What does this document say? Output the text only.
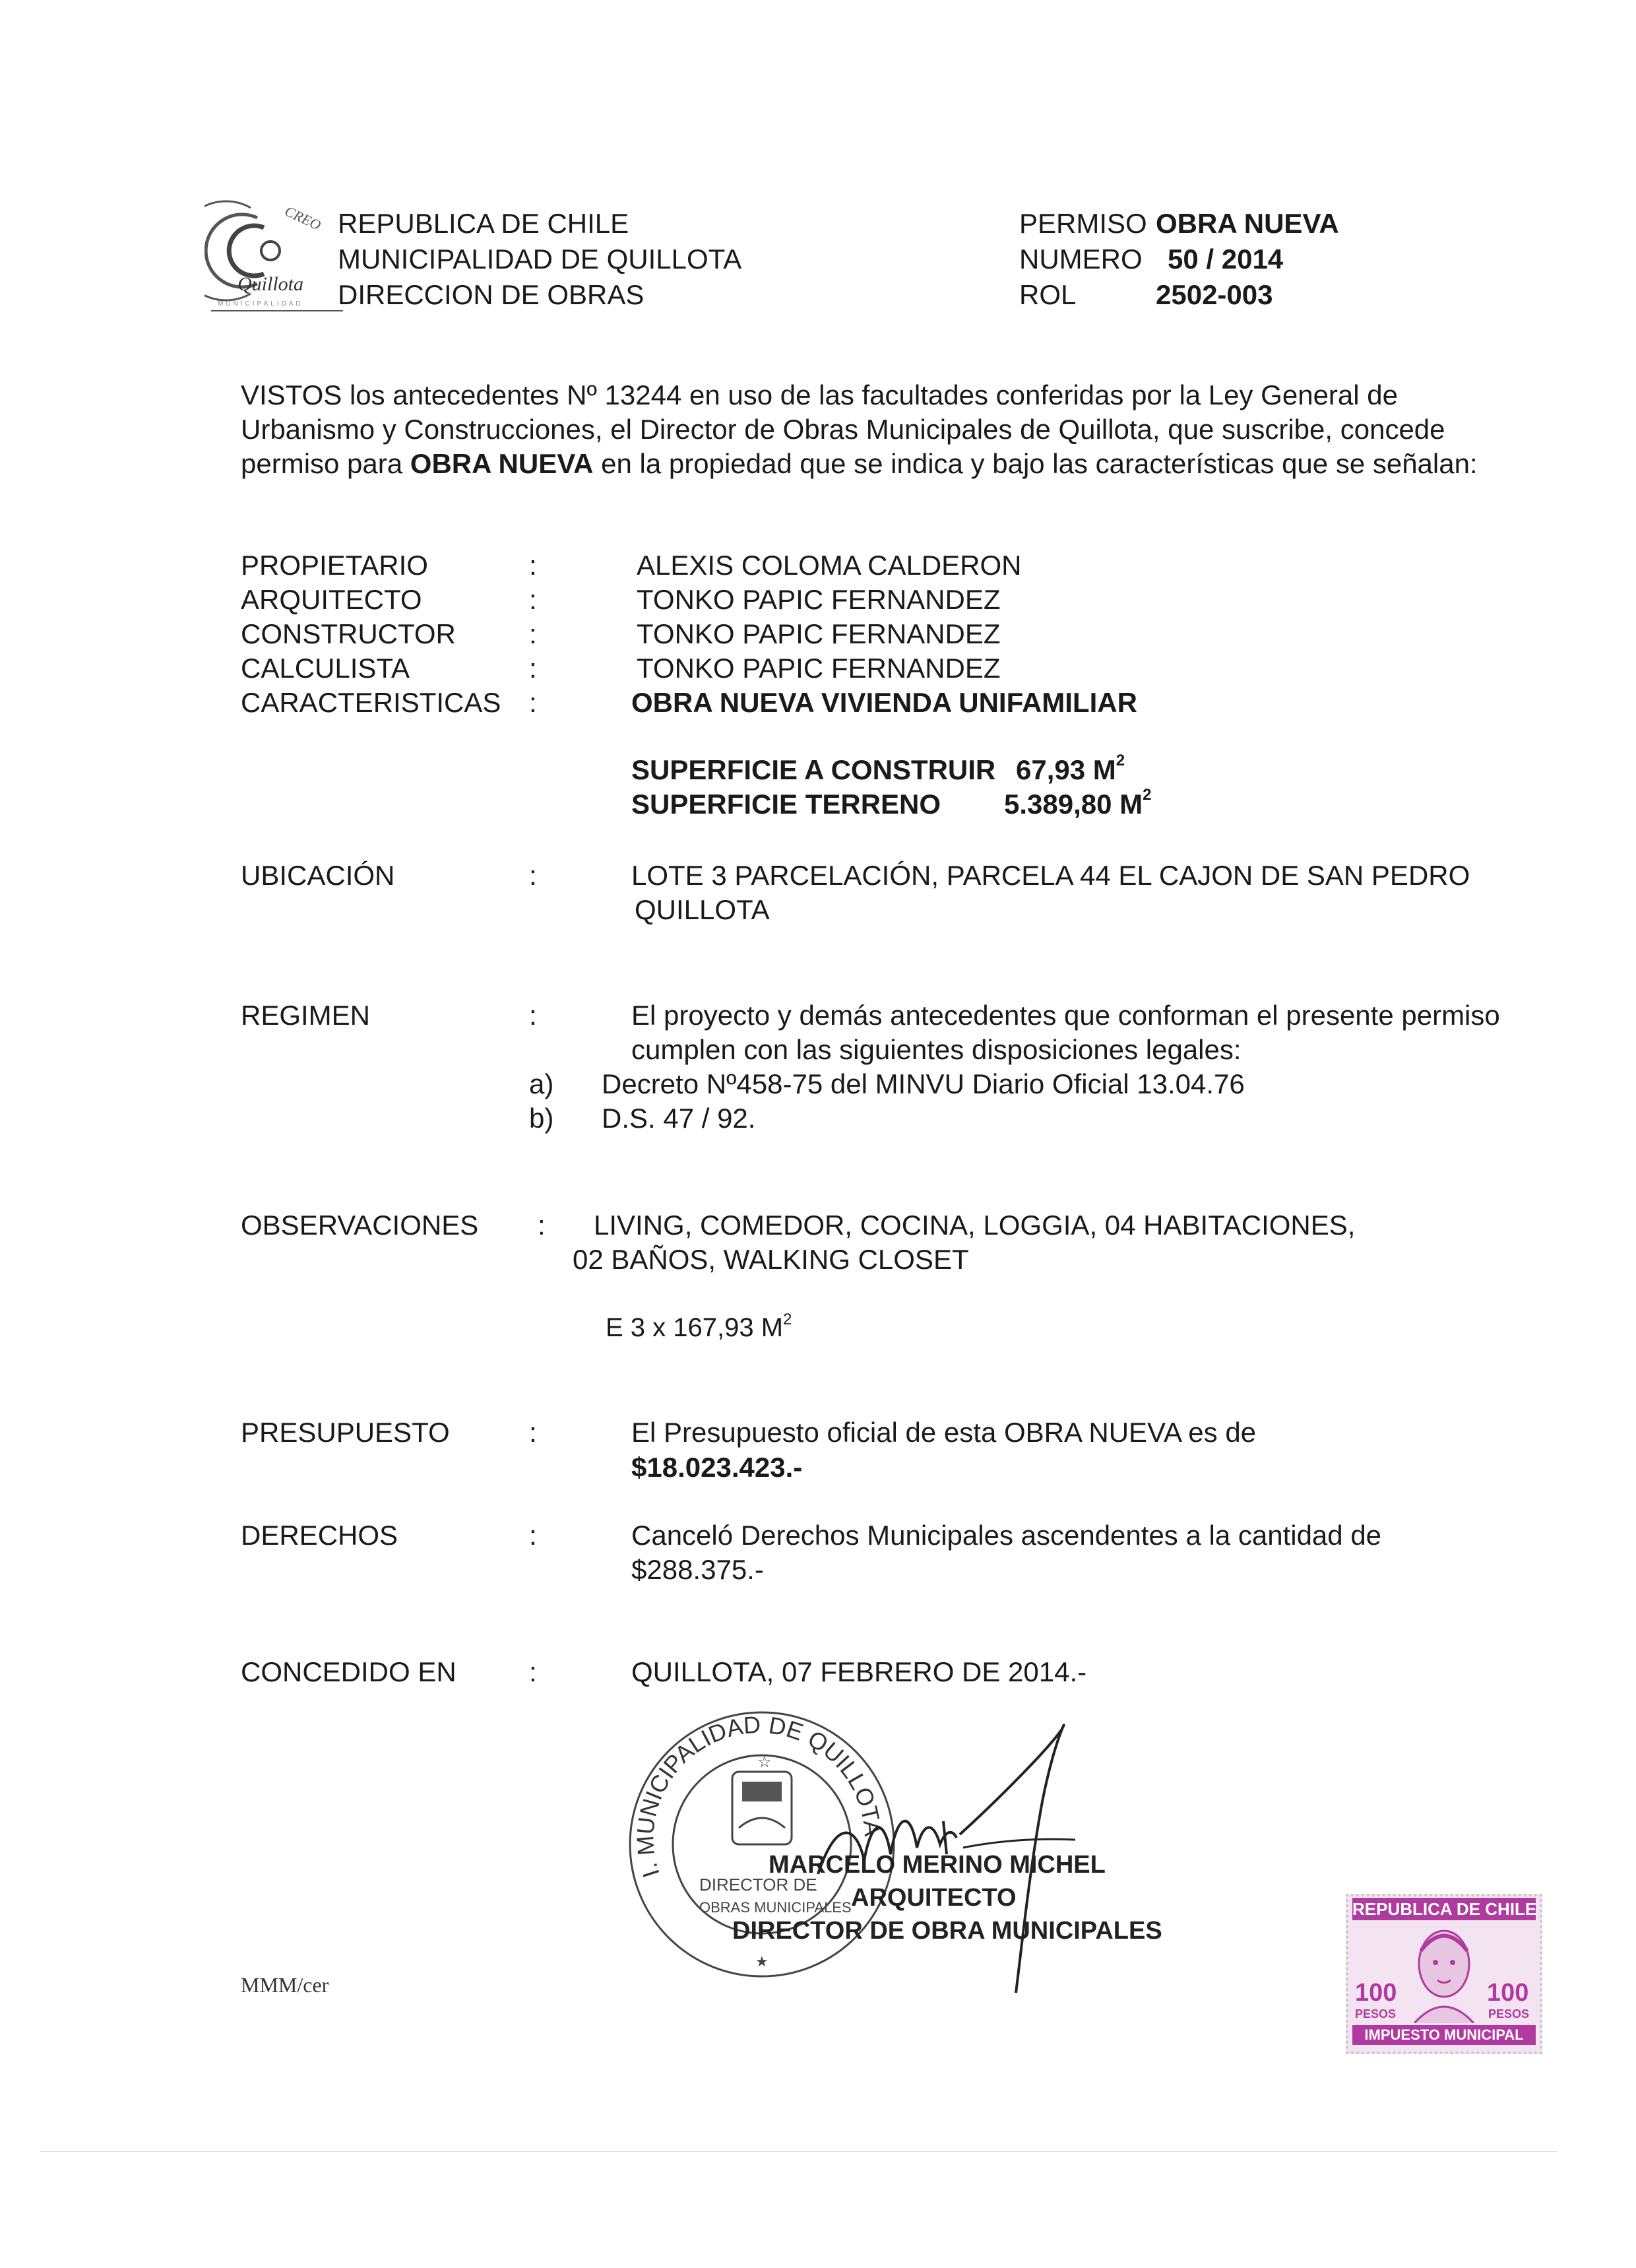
CREO
Quillota
MUNICIPALIDAD
REPUBLICA DE CHILE
MUNICIPALIDAD DE QUILLOTA
DIRECCION DE OBRAS
PERMISO OBRA NUEVA
NUMERO 50 / 2014
ROL	2502-003
VISTOS los antecedentes Nº 13244 en uso de las facultades conferidas por la Ley General de
Urbanismo y Construcciones, el Director de Obras Municipales de Quillota, que suscribe, concede
permiso para OBRA NUEVA en la propiedad que se indica y bajo las características que se señalan:
PROPIETARIO	:	ALEXIS COLOMA CALDERON
ARQUITECTO	:	TONKO PAPIC FERNANDEZ
CONSTRUCTOR	:	TONKO PAPIC FERNANDEZ
CALCULISTA	:	TONKO PAPIC FERNANDEZ
CARACTERISTICAS :	OBRA NUEVA VIVIENDA UNIFAMILIAR
SUPERFICIE A CONSTRUIR 67,93 $M^2$
SUPERFICIE TERRENO 5.389,80 $M^2$
UBICACIÓN	:	LOTE 3 PARCELACIÓN, PARCELA 44 EL CAJON DE SAN PEDRO
QUILLOTA
REGIMEN	:	El proyecto y demás antecedentes que conforman el presente permiso
cumplen con las siguientes disposiciones legales:
a) Decreto Nº458-75 del MINVU Diario Oficial 13.04.76
b) D.S. 47 / 92.
OBSERVACIONES : LIVING, COMEDOR, COCINA, LOGGIA, 04 HABITACIONES,
02 BAÑOS, WALKING CLOSET
E 3 x 167,93 $M^2$
PRESUPUESTO	:	El Presupuesto oficial de esta OBRA NUEVA es de
$18.023.423.-
DERECHOS	:	Canceló Derechos Municipales ascendentes a la cantidad de
$288.375.-
CONCEDIDO EN	:	QUILLOTA, 07 FEBRERO DE 2014.-
I. MUNICIPALIDAD DE QUILLOTA
☆
★
DIRECTOR DE
OBRAS MUNICIPALES
MARCELO MERINO MICHEL
ARQUITECTO
DIRECTOR DE OBRA MUNICIPALES
MMM/cer
REPUBLICA DE CHILE
100	100
PESOS	PESOS
IMPUESTO MUNICIPAL
